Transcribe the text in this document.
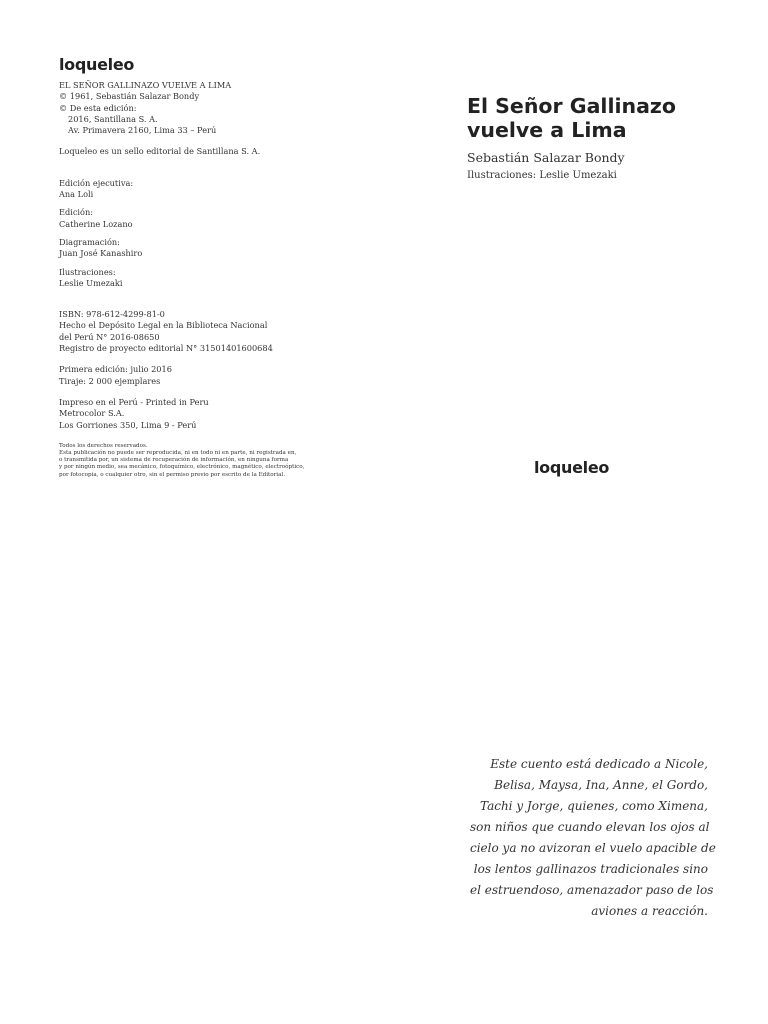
loqueleo
EL SEÑOR GALLINAZO VUELVE A LIMA
© 1961, Sebastián Salazar Bondy
© De esta edición:
2016, Santillana S. A.
Av. Primavera 2160, Lima 33 – Perú
Loqueleo es un sello editorial de Santillana S. A.
Edición ejecutiva:
Ana Loli
Edición:
Catherine Lozano
Diagramación:
Juan José Kanashiro
Ilustraciones:
Leslie Umezaki
ISBN: 978-612-4299-81-0
Hecho el Depósito Legal en la Biblioteca Nacional
del Perú N° 2016-08650
Registro de proyecto editorial N° 31501401600684
Primera edición: julio 2016
Tiraje: 2 000 ejemplares
Impreso en el Perú - Printed in Peru
Metrocolor S.A.
Los Gorriones 350, Lima 9 - Perú
Todos los derechos reservados.
Esta publicación no puede ser reproducida, ni en todo ni en parte, ni registrada en,
o transmitida por, un sistema de recuperación de información, en ninguna forma
y por ningún medio, sea mecánico, fotoquímico, electrónico, magnético, electroóptico,
por fotocopia, o cualquier otro, sin el permiso previo por escrito de la Editorial.
El Señor Gallinazo
vuelve a Lima
Sebastián Salazar Bondy
Ilustraciones: Leslie Umezaki
loqueleo
Este cuento está dedicado a Nicole,
Belisa, Maysa, Ina, Anne, el Gordo,
Tachi y Jorge, quienes, como Ximena,
son niños que cuando elevan los ojos al
cielo ya no avizoran el vuelo apacible de
los lentos gallinazos tradicionales sino
el estruendoso, amenazador paso de los
aviones a reacción.
